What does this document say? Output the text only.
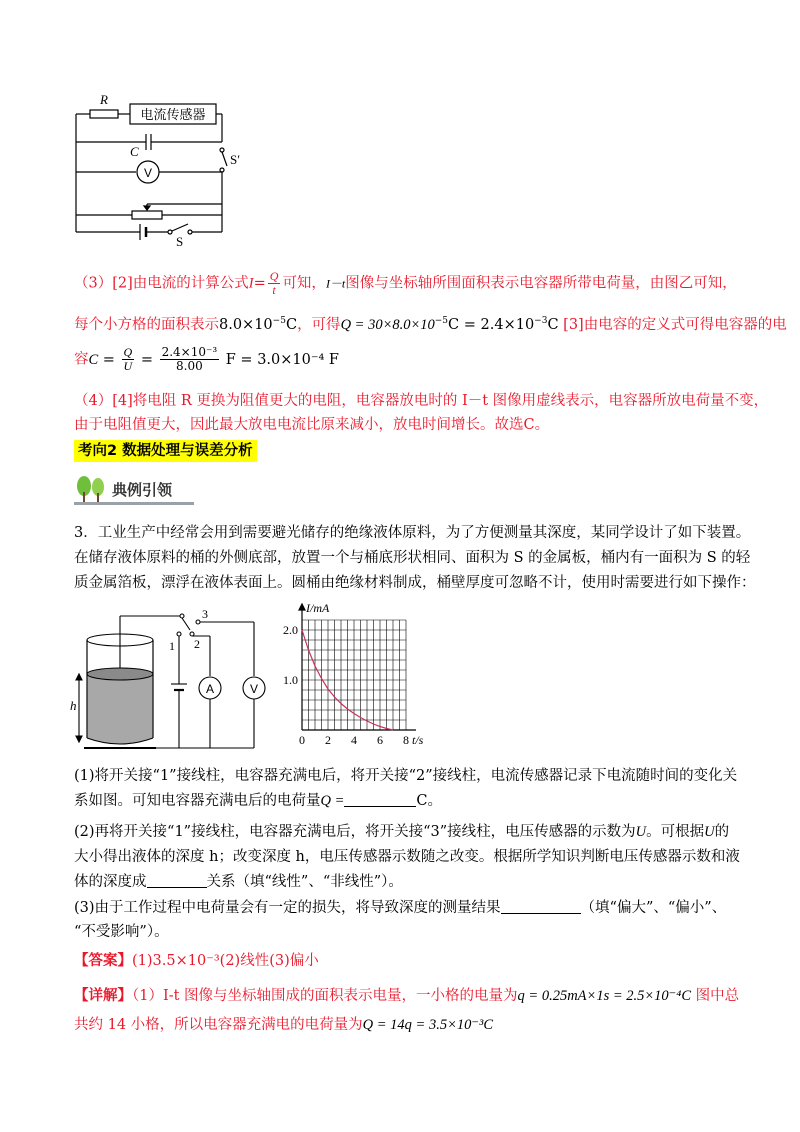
R
电流传感器
C
V
S′
S
（3）[2]由电流的计算公式$I= \frac{Q}{t}$ 可知，I－t图像与坐标轴所围面积表示电容器所带电荷量，由图乙可知，
每个小方格的面积表示$8.0\times 10^{-5}C$，可得$Q = 30\times 8.0\times 10^{-5}C = 2.4\times 10^{-3}C$ [3]由电容的定义式可得电容器的电
容$C = \frac{Q}{U} = \frac{\text{2.4×10⁻³}}{8.00}$ F = 3.0×10⁻⁴ F
（4）[4]将电阻 R 更换为阻值更大的电阻，电容器放电时的 I－t 图像用虚线表示，电容器所放电荷量不变，
由于电阻值更大，因此最大放电电流比原来减小，放电时间增长。故选C。
考向2 数据处理与误差分析
典例引领
3．工业生产中经常会用到需要避光储存的绝缘液体原料，为了方便测量其深度，某同学设计了如下装置。
在储存液体原料的桶的外侧底部，放置一个与桶底形状相同、面积为 S 的金属板，桶内有一面积为 S 的轻
质金属箔板，漂浮在液体表面上。圆桶由绝缘材料制成，桶壁厚度可忽略不计，使用时需要进行如下操作：
h
1 2
3
A	V
0 2 4 6 8
1.0
2.0
t/s
I/mA
(1)将开关接“1”接线柱，电容器充满电后，将开关接“2”接线柱，电流传感器记录下电流随时间的变化关
系如图。可知电容器充满电后的电荷量Q =	C。
(2)再将开关接“1”接线柱，电容器充满电后，将开关接“3”接线柱，电压传感器的示数为U。可根据U的
大小得出液体的深度 h；改变深度 h，电压传感器示数随之改变。根据所学知识判断电压传感器示数和液
体的深度成	关系（填“线性”、“非线性”）。
(3)由于工作过程中电荷量会有一定的损失，将导致深度的测量结果	（填“偏大”、“偏小”、
“不受影响”）。
【答案】(1)3.5×10⁻³(2)线性(3)偏小
【详解】（1）I-t 图像与坐标轴围成的面积表示电量，一小格的电量为q = 0.25mA×1s = 2.5×10⁻⁴C 图中总
共约 14 小格，所以电容器充满电的电荷量为Q = 14q = 3.5×10⁻³C
